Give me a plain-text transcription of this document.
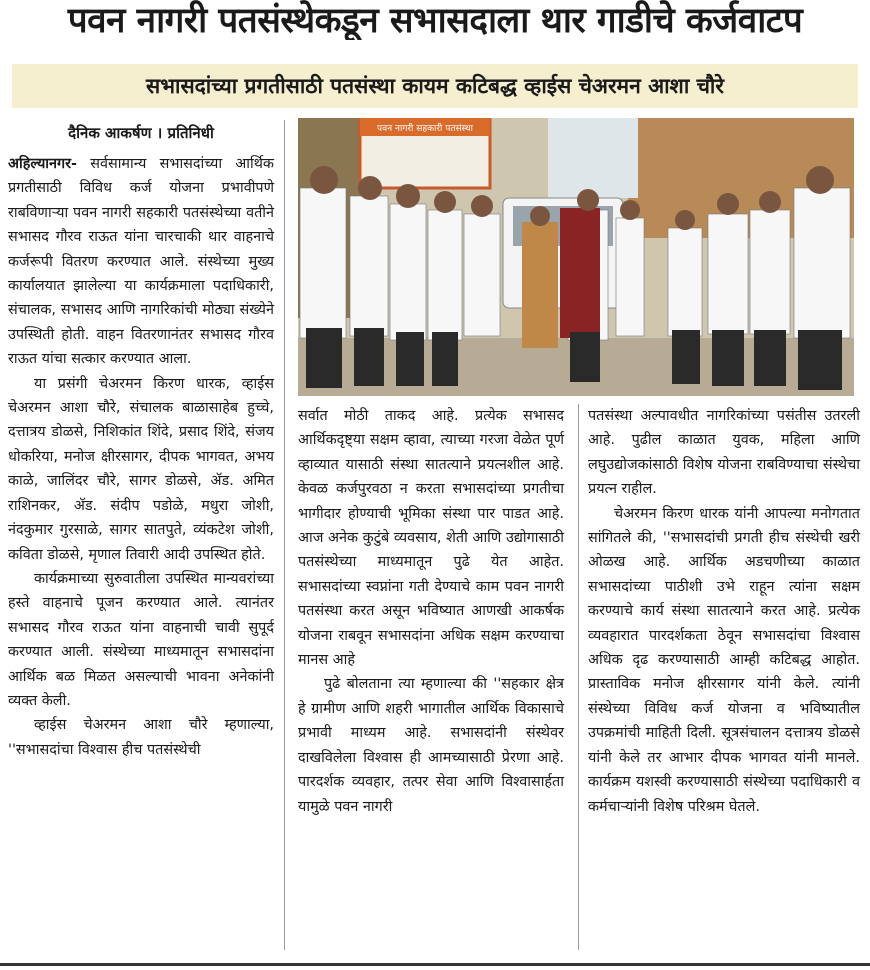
पवन नागरी पतसंस्थेकडून सभासदाला थार गाडीचे कर्जवाटप
सभासदांच्या प्रगतीसाठी पतसंस्था कायम कटिबद्ध व्हाईस चेअरमन आशा चौरे
दैनिक आकर्षण । प्रतिनिधी

अहिल्यानगर- सर्वसामान्य सभासदांच्या आर्थिक प्रगतीसाठी विविध कर्ज योजना प्रभावीपणे राबविणाऱ्या पवन नागरी सहकारी पतसंस्थेच्या वतीने सभासद गौरव राऊत यांना चारचाकी थार वाहनाचे कर्जरूपी वितरण करण्यात आले. संस्थेच्या मुख्य कार्यालयात झालेल्या या कार्यक्रमाला पदाधिकारी, संचालक, सभासद आणि नागरिकांची मोठ्या संख्येने उपस्थिती होती. वाहन वितरणानंतर सभासद गौरव राऊत यांचा सत्कार करण्यात आला.

या प्रसंगी चेअरमन किरण धारक, व्हाईस चेअरमन आशा चौरे, संचालक बाळासाहेब हुच्चे, दत्तात्रय डोळसे, निशिकांत शिंदे, प्रसाद शिंदे, संजय धोकरिया, मनोज क्षीरसागर, दीपक भागवत, अभय काळे, जालिंदर चौरे, सागर डोळसे, ॲड. अमित राशिनकर, ॲड. संदीप पडोळे, मधुरा जोशी, नंदकुमार गुरसाळे, सागर सातपुते, व्यंकटेश जोशी, कविता डोळसे, मृणाल तिवारी आदी उपस्थित होते.

कार्यक्रमाच्या सुरुवातीला उपस्थित मान्यवरांच्या हस्ते वाहनाचे पूजन करण्यात आले. त्यानंतर सभासद गौरव राऊत यांना वाहनाची चावी सुपूर्द करण्यात आली. संस्थेच्या माध्यमातून सभासदांना आर्थिक बळ मिळत असल्याची भावना अनेकांनी व्यक्त केली.

व्हाईस चेअरमन आशा चौरे म्हणाल्या, ''सभासदांचा विश्वास हीच पतसंस्थेची

पवन नागरी सहकारी पतसंस्था

सर्वात मोठी ताकद आहे. प्रत्येक सभासद आर्थिकदृष्ट्या सक्षम व्हावा, त्याच्या गरजा वेळेत पूर्ण व्हाव्यात यासाठी संस्था सातत्याने प्रयत्नशील आहे. केवळ कर्जपुरवठा न करता सभासदांच्या प्रगतीचा भागीदार होण्याची भूमिका संस्था पार पाडत आहे. आज अनेक कुटुंबे व्यवसाय, शेती आणि उद्योगासाठी पतसंस्थेच्या माध्यमातून पुढे येत आहेत. सभासदांच्या स्वप्नांना गती देण्याचे काम पवन नागरी पतसंस्था करत असून भविष्यात आणखी आकर्षक योजना राबवून सभासदांना अधिक सक्षम करण्याचा मानस आहे

पुढे बोलताना त्या म्हणाल्या की ''सहकार क्षेत्र हे ग्रामीण आणि शहरी भागातील आर्थिक विकासाचे प्रभावी माध्यम आहे. सभासदांनी संस्थेवर दाखविलेला विश्वास ही आमच्यासाठी प्रेरणा आहे. पारदर्शक व्यवहार, तत्पर सेवा आणि विश्वासार्हता यामुळे पवन नागरी

पतसंस्था अल्पावधीत नागरिकांच्या पसंतीस उतरली आहे. पुढील काळात युवक, महिला आणि लघुउद्योजकांसाठी विशेष योजना राबविण्याचा संस्थेचा प्रयत्न राहील.

चेअरमन किरण धारक यांनी आपल्या मनोगतात सांगितले की, ''सभासदांची प्रगती हीच संस्थेची खरी ओळख आहे. आर्थिक अडचणीच्या काळात सभासदांच्या पाठीशी उभे राहून त्यांना सक्षम करण्याचे कार्य संस्था सातत्याने करत आहे. प्रत्येक व्यवहारात पारदर्शकता ठेवून सभासदांचा विश्वास अधिक दृढ करण्यासाठी आम्ही कटिबद्ध आहोत. प्रास्ताविक मनोज क्षीरसागर यांनी केले. त्यांनी संस्थेच्या विविध कर्ज योजना व भविष्यातील उपक्रमांची माहिती दिली. सूत्रसंचालन दत्तात्रय डोळसे यांनी केले तर आभार दीपक भागवत यांनी मानले. कार्यक्रम यशस्वी करण्यासाठी संस्थेच्या पदाधिकारी व कर्मचाऱ्यांनी विशेष परिश्रम घेतले.
